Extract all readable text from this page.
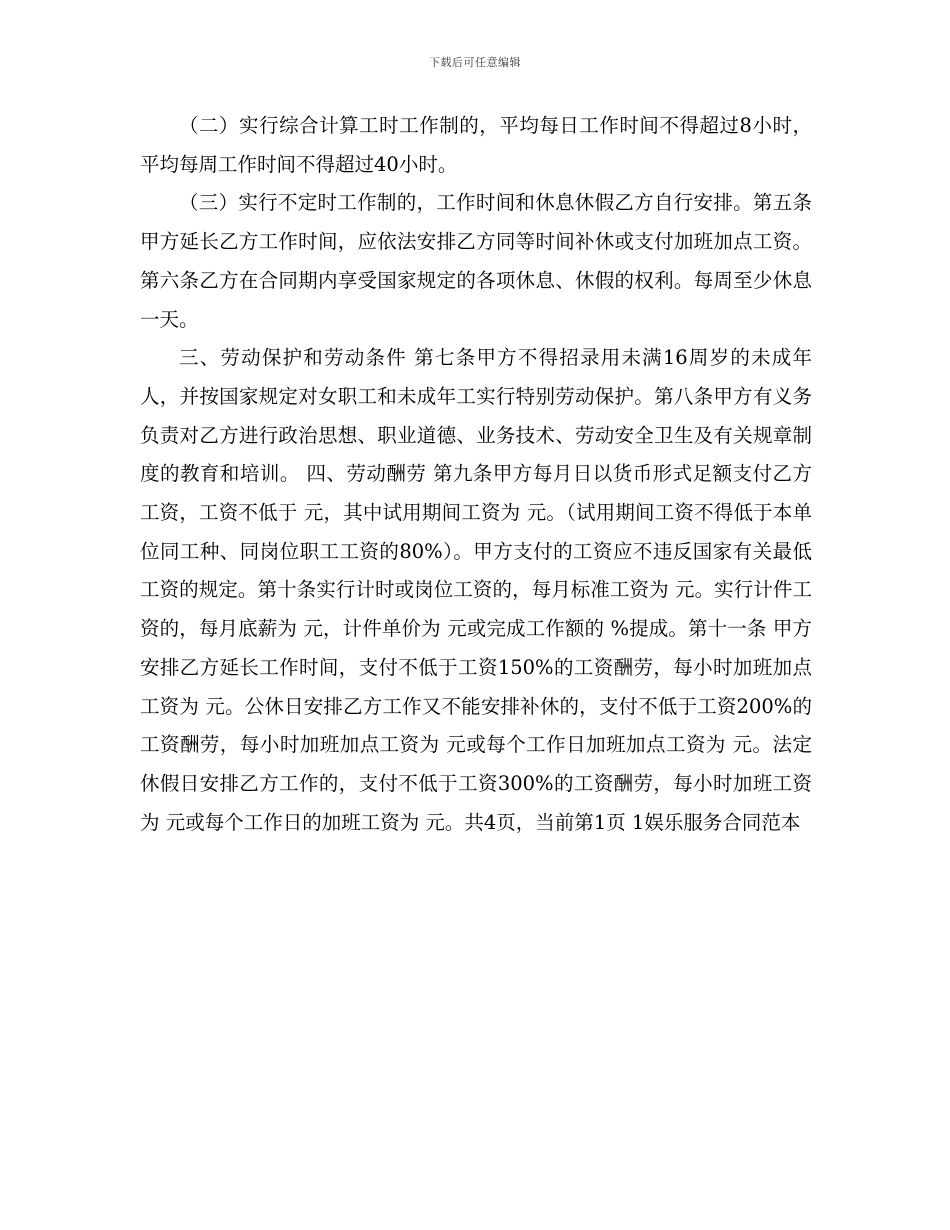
下载后可任意编辑

（二）实行综合计算工时工作制的，平均每日工作时间不得超过8小时，平均每周工作时间不得超过40小时。

（三）实行不定时工作制的，工作时间和休息休假乙方自行安排。第五条甲方延长乙方工作时间，应依法安排乙方同等时间补休或支付加班加点工资。第六条乙方在合同期内享受国家规定的各项休息、休假的权利。每周至少休息一天。

三、劳动保护和劳动条件 第七条甲方不得招录用未满16周岁的未成年人，并按国家规定对女职工和未成年工实行特别劳动保护。第八条甲方有义务负责对乙方进行政治思想、职业道德、业务技术、劳动安全卫生及有关规章制度的教育和培训。 四、劳动酬劳 第九条甲方每月日以货币形式足额支付乙方工资，工资不低于 元，其中试用期间工资为 元。（试用期间工资不得低于本单位同工种、同岗位职工工资的80%）。甲方支付的工资应不违反国家有关最低工资的规定。第十条实行计时或岗位工资的，每月标准工资为 元。实行计件工资的，每月底薪为 元，计件单价为 元或完成工作额的 %提成。第十一条 甲方安排乙方延长工作时间，支付不低于工资150%的工资酬劳，每小时加班加点工资为 元。公休日安排乙方工作又不能安排补休的，支付不低于工资200%的工资酬劳，每小时加班加点工资为 元或每个工作日加班加点工资为 元。法定休假日安排乙方工作的，支付不低于工资300%的工资酬劳，每小时加班工资为 元或每个工作日的加班工资为 元。共4页，当前第1页 1娱乐服务合同范本
